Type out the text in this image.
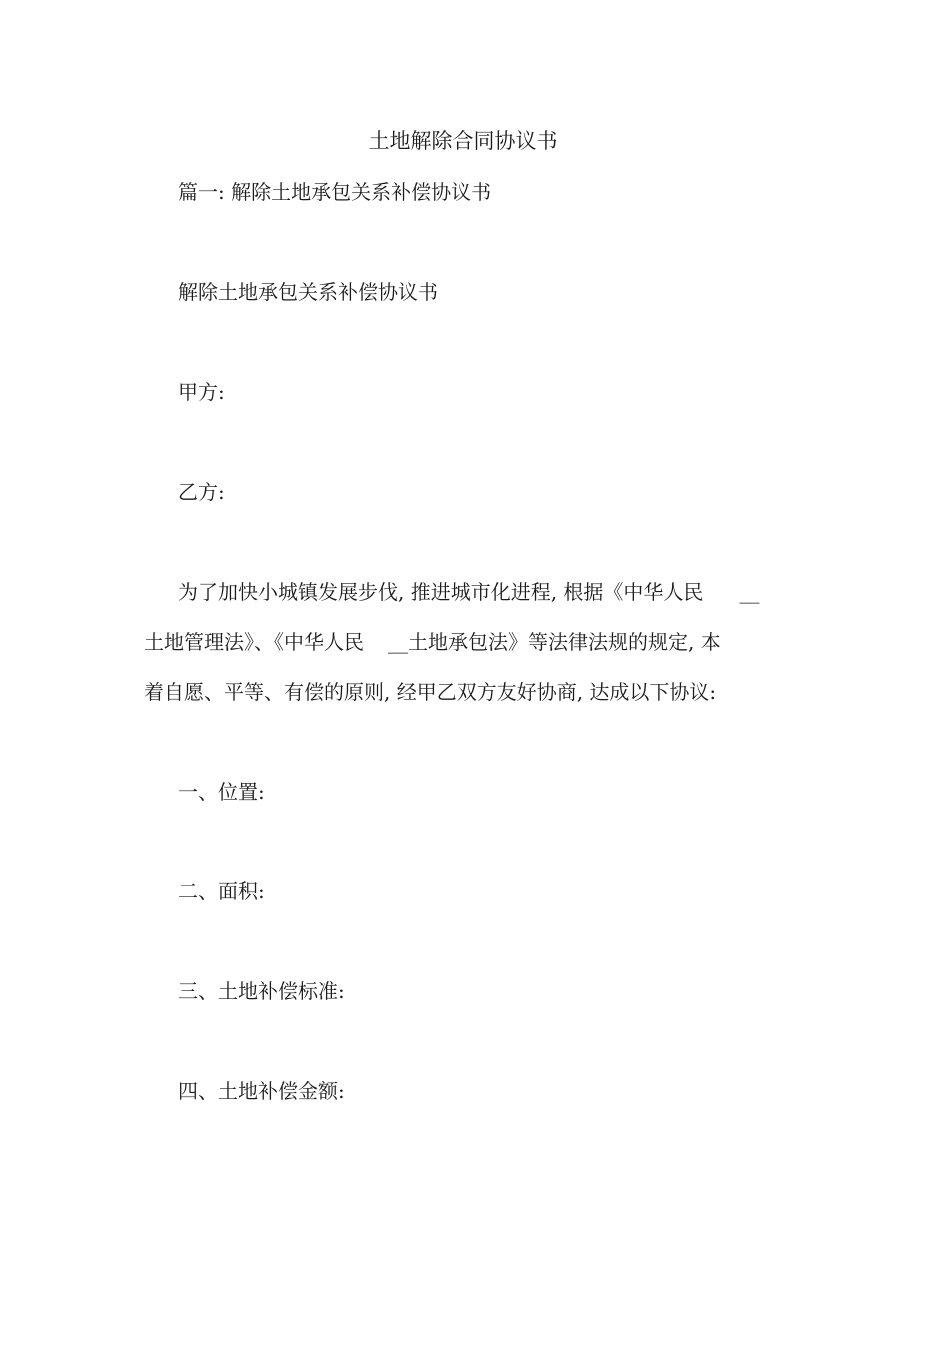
土地解除合同协议书
篇一: 解除土地承包关系补偿协议书
解除土地承包关系补偿协议书
甲方:
乙方:
为了加快小城镇发展步伐, 推进城市化进程, 根据《中华人民 __
土地管理法》、《中华人民 __土地承包法》等法律法规的规定, 本
着自愿、平等、有偿的原则, 经甲乙双方友好协商, 达成以下协议:
一、位置:
二、面积:
三、土地补偿标准:
四、土地补偿金额:
